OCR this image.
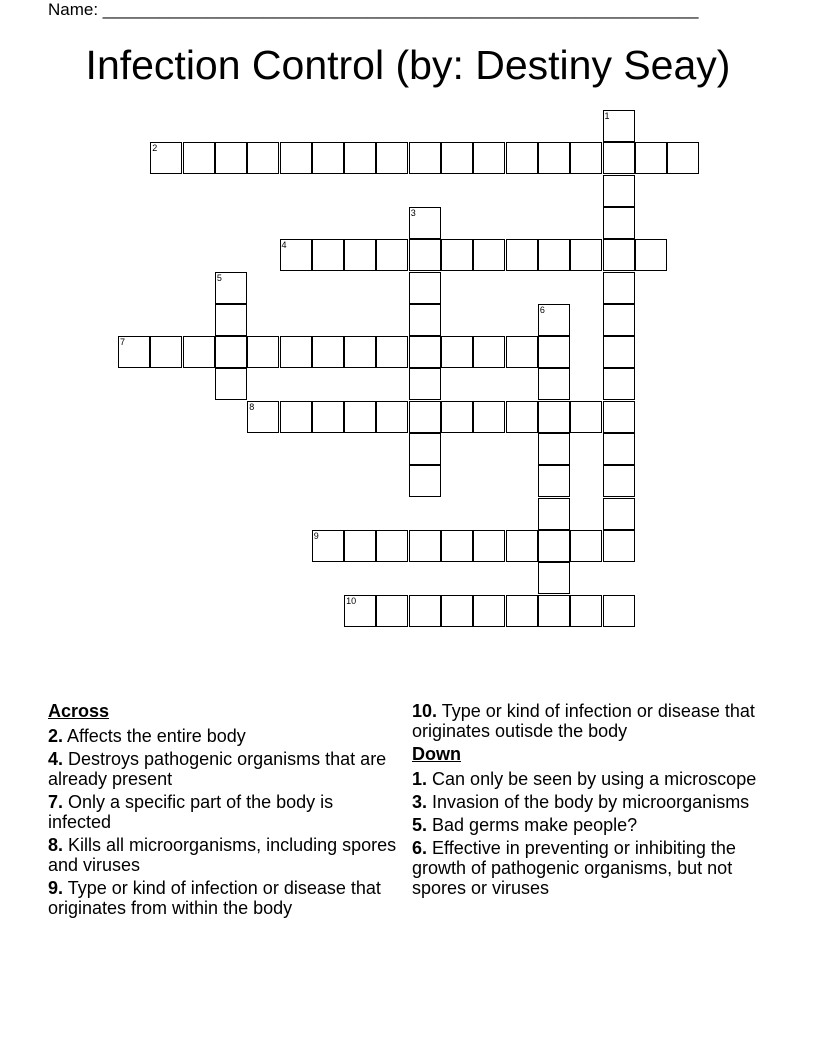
Name: _______________________________________________________________
Infection Control (by: Destiny Seay)
1
2
3
4
5
6
7
8
9
10
Across
2. Affects the entire body
4. Destroys pathogenic organisms that are already present
7. Only a specific part of the body is infected
8. Kills all microorganisms, including spores and viruses
9. Type or kind of infection or disease that originates from within the body
10. Type or kind of infection or disease that originates outisde the body
Down
1. Can only be seen by using a microscope
3. Invasion of the body by microorganisms
5. Bad germs make people?
6. Effective in preventing or inhibiting the growth of pathogenic organisms, but not spores or viruses
